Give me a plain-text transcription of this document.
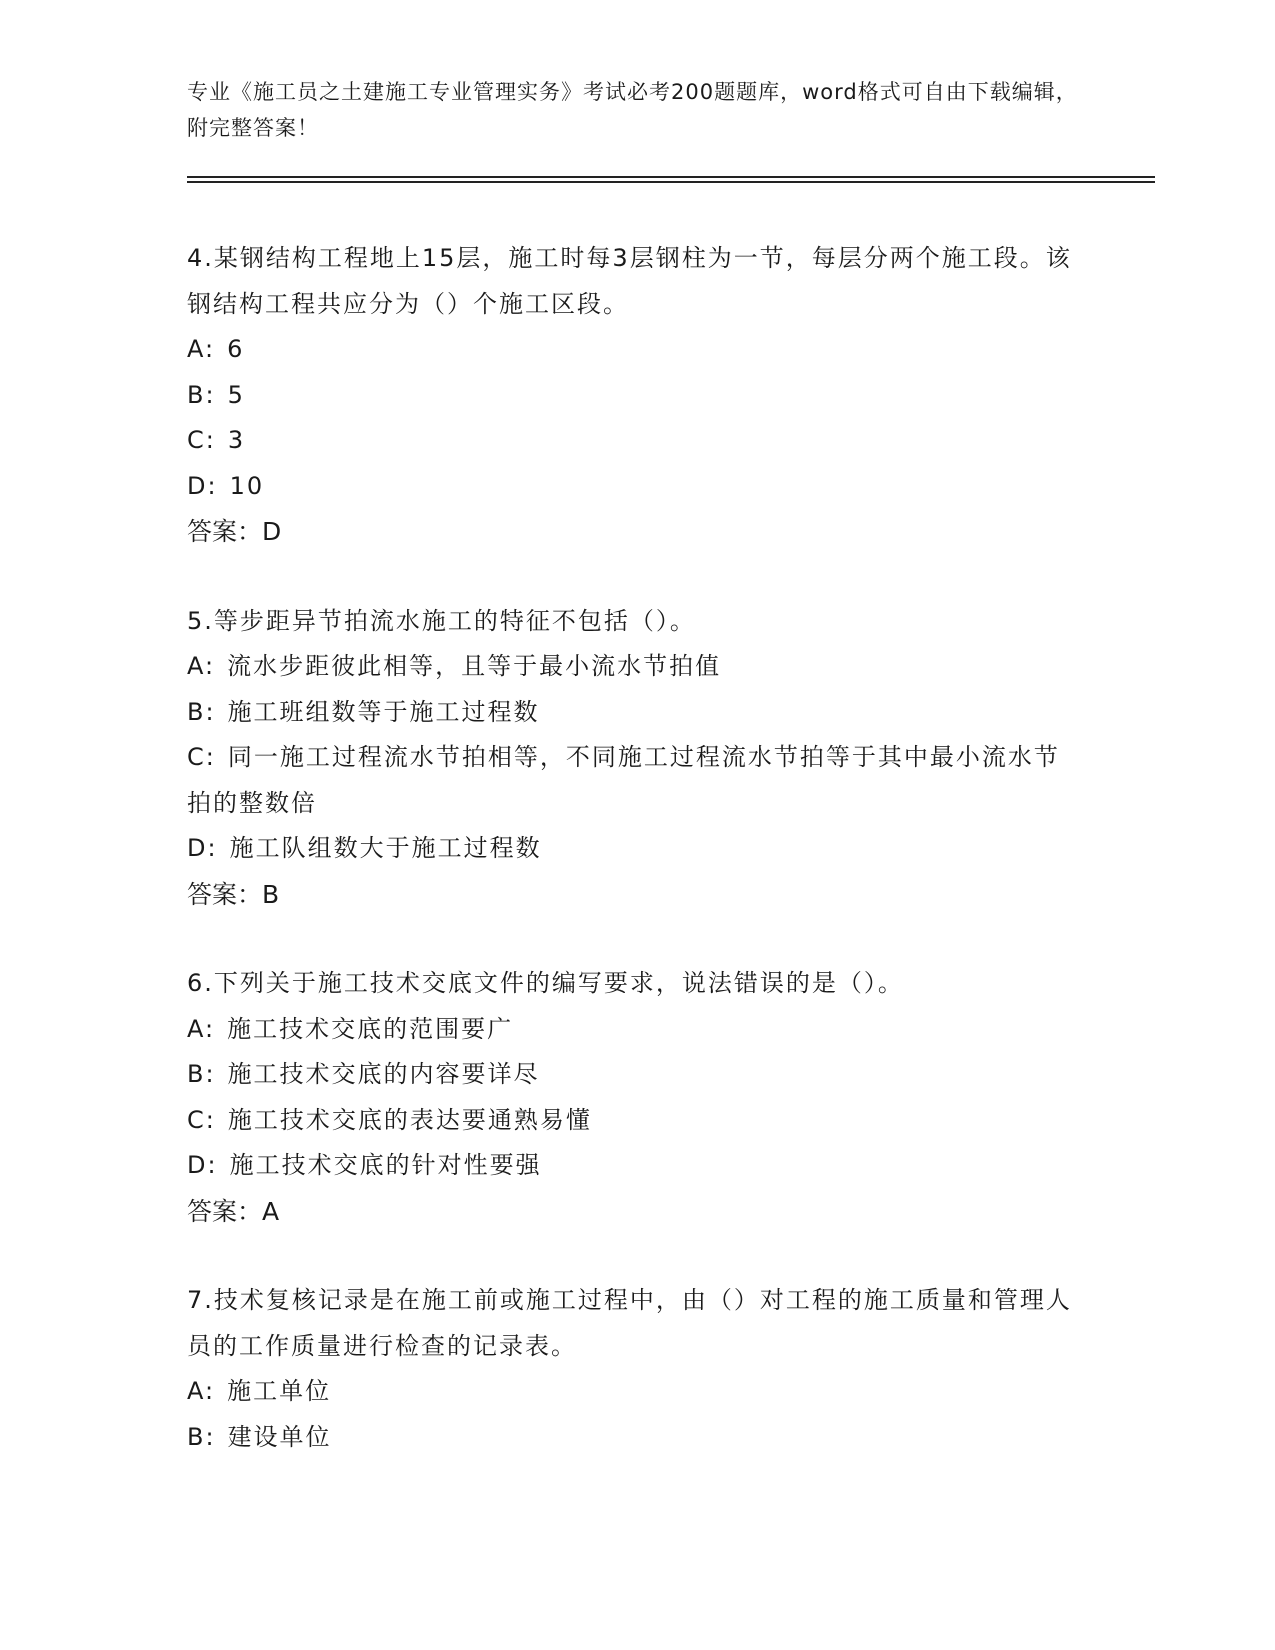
专业《施工员之土建施工专业管理实务》考试必考200题题库，word格式可自由下载编辑，附完整答案！

4.某钢结构工程地上15层，施工时每3层钢柱为一节，每层分两个施工段。该钢结构工程共应分为（）个施工区段。

A: 6

B: 5

C: 3

D: 10

答案：D

5.等步距异节拍流水施工的特征不包括（）。

A: 流水步距彼此相等，且等于最小流水节拍值

B: 施工班组数等于施工过程数

C: 同一施工过程流水节拍相等，不同施工过程流水节拍等于其中最小流水节拍的整数倍

D: 施工队组数大于施工过程数

答案：B

6.下列关于施工技术交底文件的编写要求，说法错误的是（）。

A: 施工技术交底的范围要广

B: 施工技术交底的内容要详尽

C: 施工技术交底的表达要通熟易懂

D: 施工技术交底的针对性要强

答案：A

7.技术复核记录是在施工前或施工过程中，由（）对工程的施工质量和管理人员的工作质量进行检查的记录表。

A: 施工单位

B: 建设单位
